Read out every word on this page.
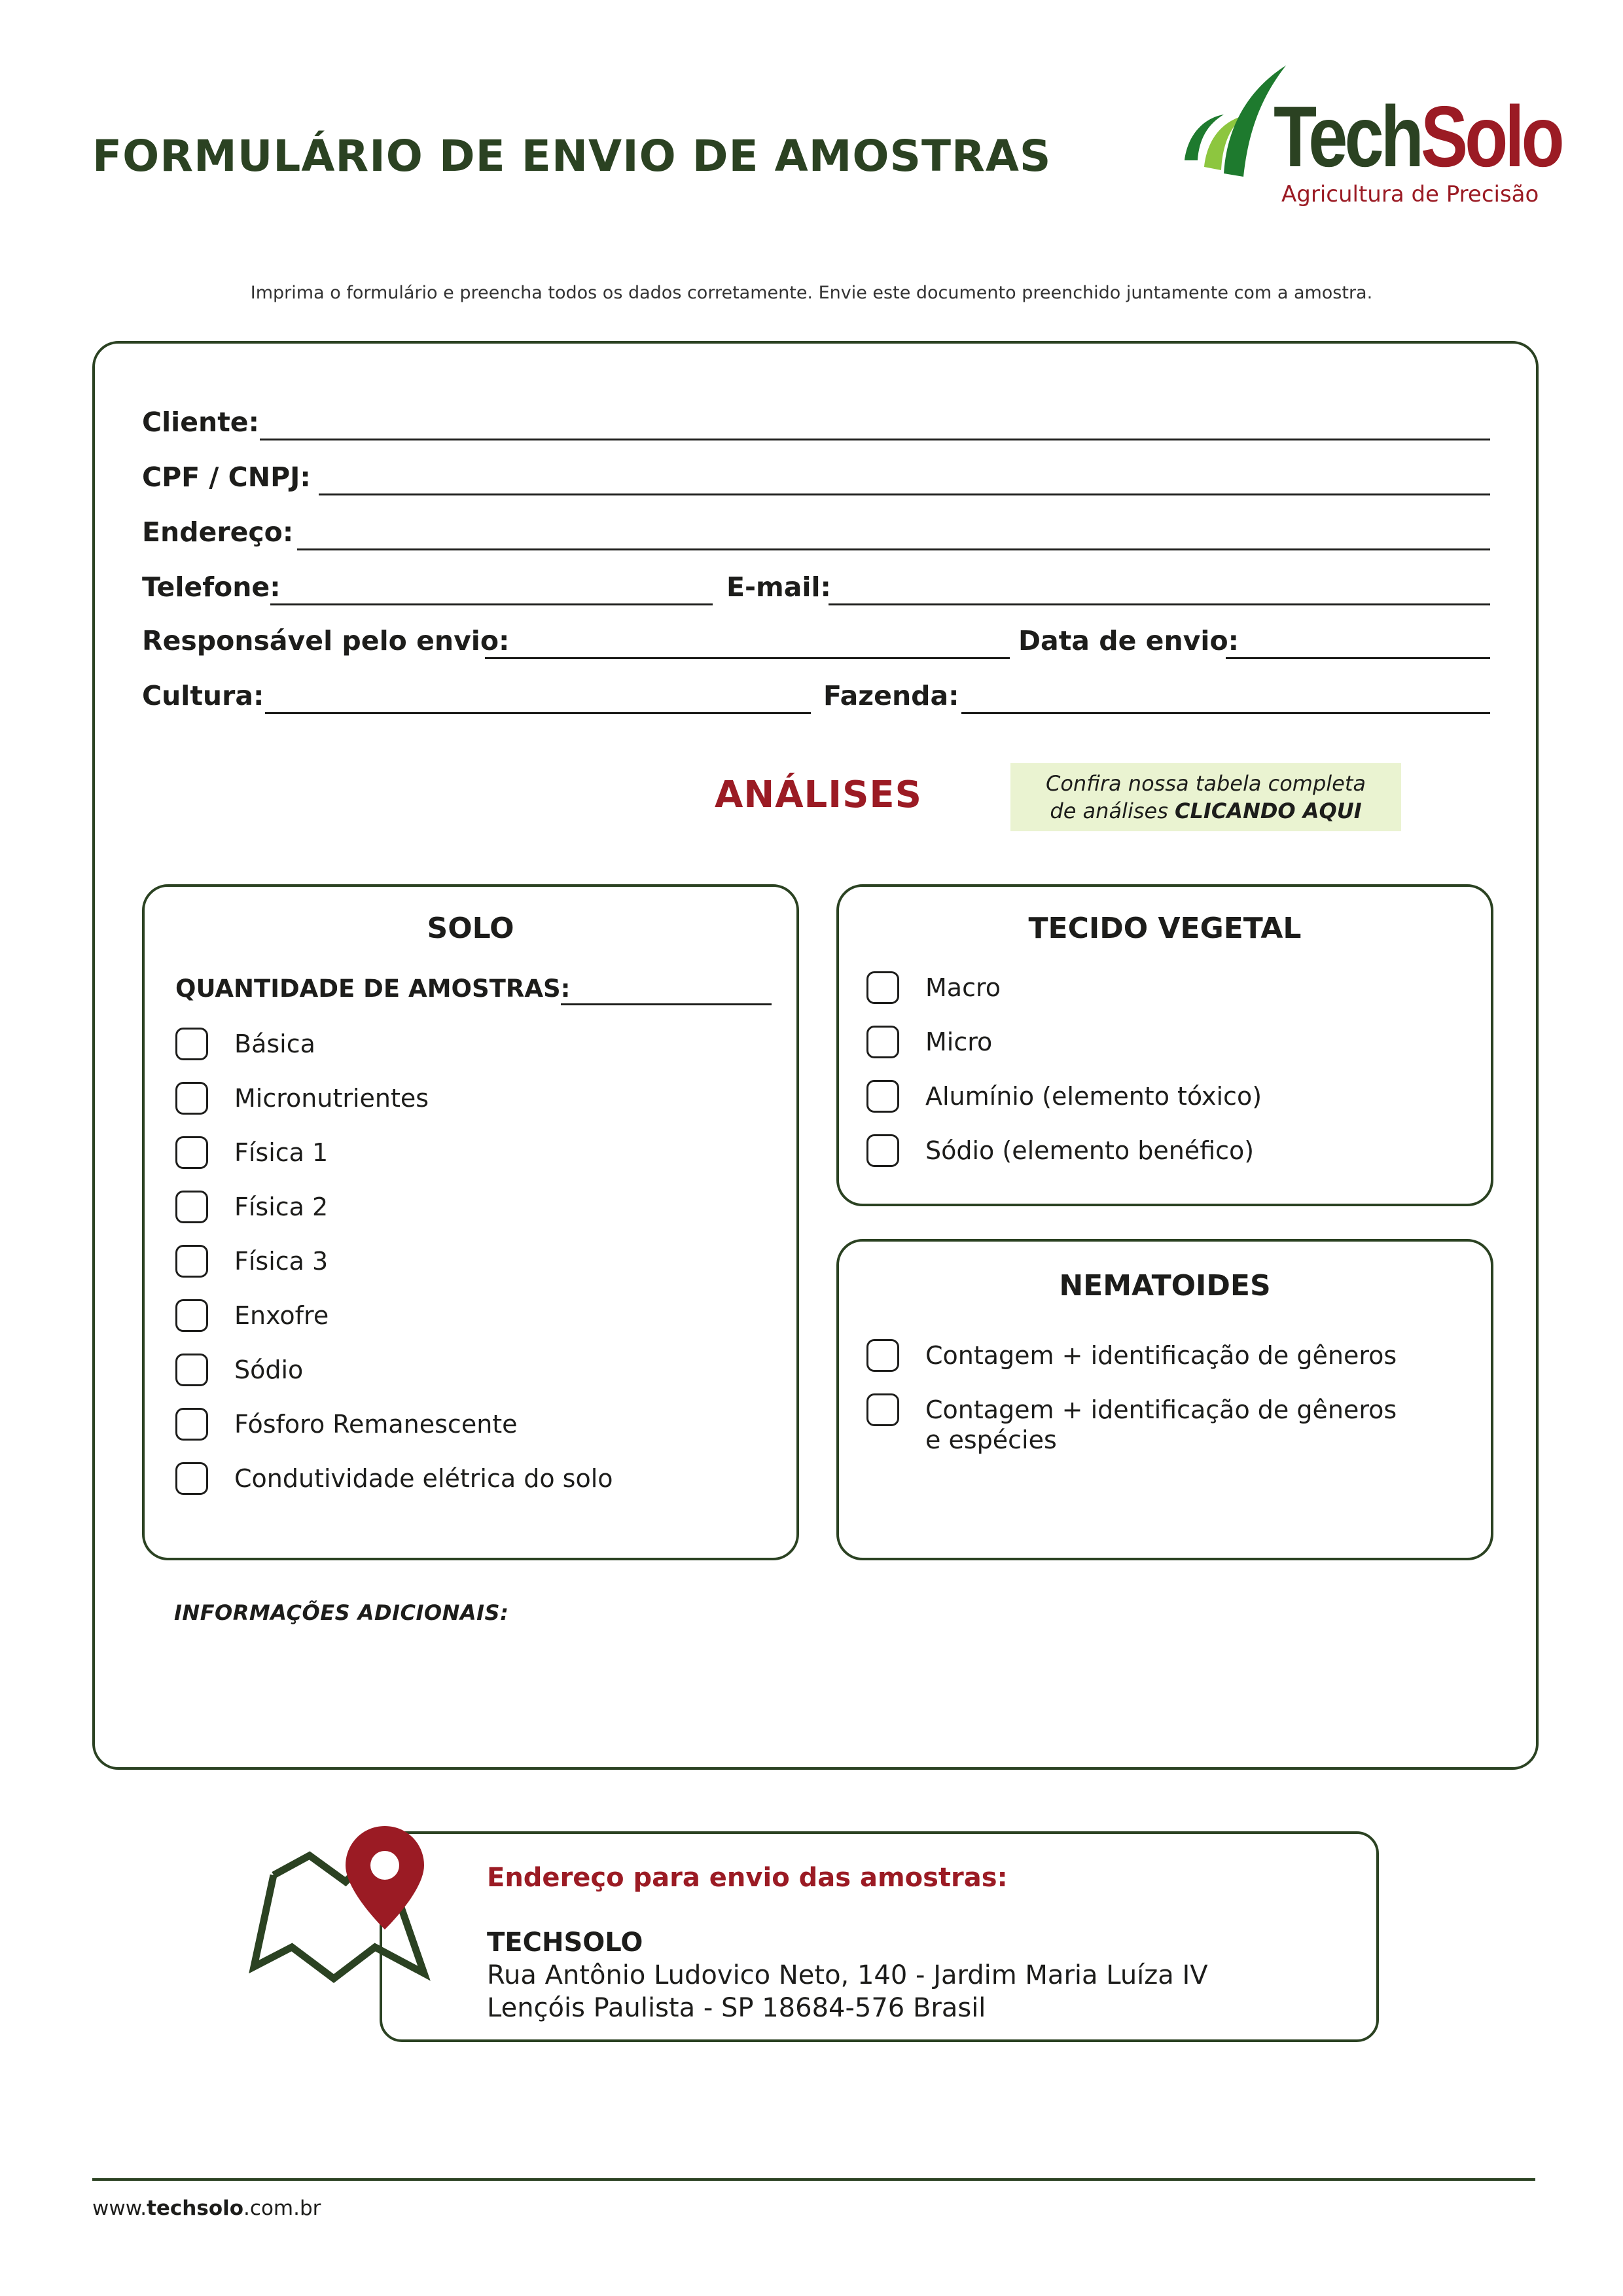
FORMULÁRIO DE ENVIO DE AMOSTRAS	TechSolo
Agricultura de Precisão
Imprima o formulário e preencha todos os dados corretamente. Envie este documento preenchido juntamente com a amostra.
Cliente:
CPF / CNPJ:
Endereço:
Telefone:	E-mail:
Responsável pelo envio:	Data de envio:
Cultura:	Fazenda:
ANÁLISES	Confira nossa tabela completa
de análises CLICANDO AQUI
SOLO
QUANTIDADE DE AMOSTRAS:
Básica
Micronutrientes
Física 1
Física 2
Física 3
Enxofre
Sódio
Fósforo Remanescente
Condutividade elétrica do solo
TECIDO VEGETAL
Macro
Micro
Alumínio (elemento tóxico)
Sódio (elemento benéfico)
NEMATOIDES
Contagem + identificação de gêneros
Contagem + identificação de gêneros
e espécies
INFORMAÇÕES ADICIONAIS:
Endereço para envio das amostras:
TECHSOLO
Rua Antônio Ludovico Neto, 140 - Jardim Maria Luíza IV
Lençóis Paulista - SP 18684-576 Brasil
www.techsolo.com.br
